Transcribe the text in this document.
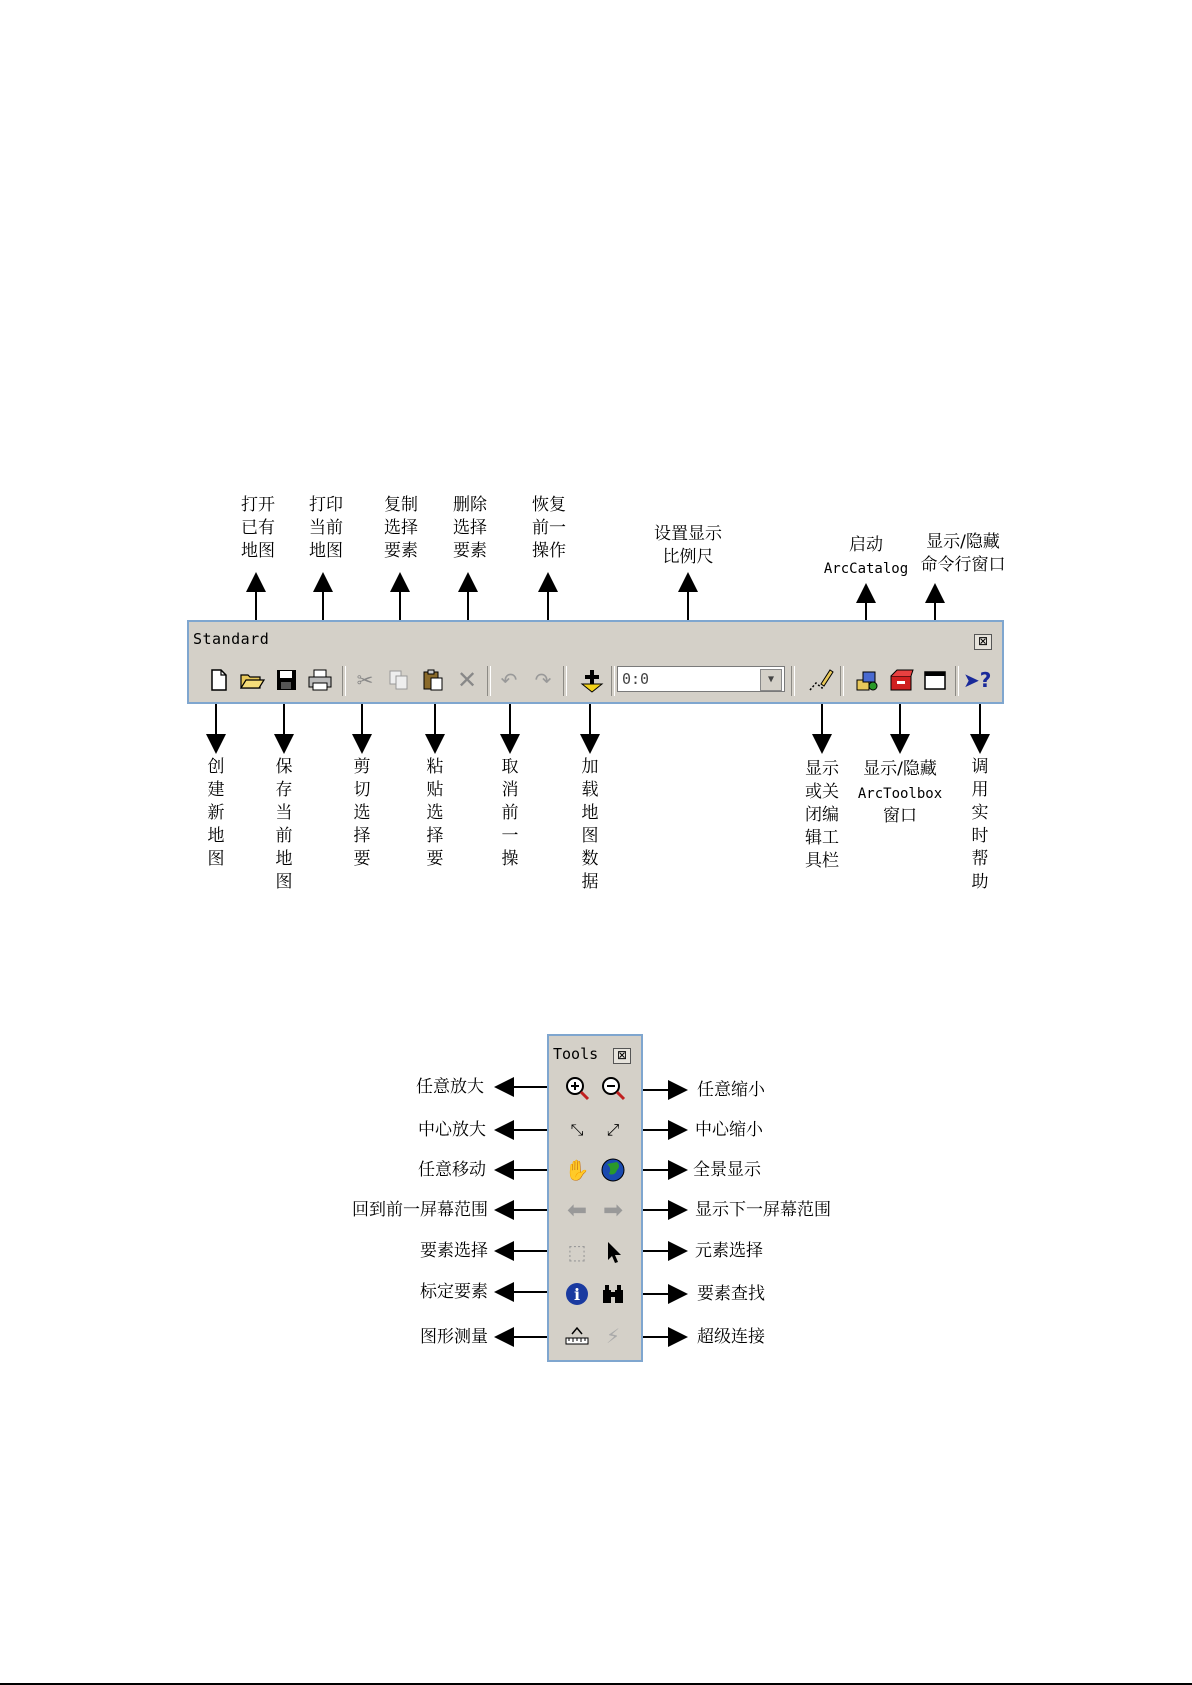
打开
已有
地图
打印
当前
地图
复制
选择
要素
删除
选择
要素
恢复
前一
操作
设置显示
比例尺
启动
ArcCatalog
显示/隐藏
命令行窗口
Standard	⊠
✂	✕ ↶ ↷	0:0	▼	➤?
创建新地图
保存当前地图
剪切选择要
粘贴选择要
取消前一操
加载地图数据
显示
或关
闭编
辑工
具栏
显示/隐藏
ArcToolbox
窗口
调用实时帮助
Tools	⊠
⤡	⤢
✋
⬅ ➡
⬚
i
⚡
任意放大
中心放大
任意移动
回到前一屏幕范围
要素选择
标定要素
图形测量
任意缩小
中心缩小
全景显示
显示下一屏幕范围
元素选择
要素查找
超级连接
